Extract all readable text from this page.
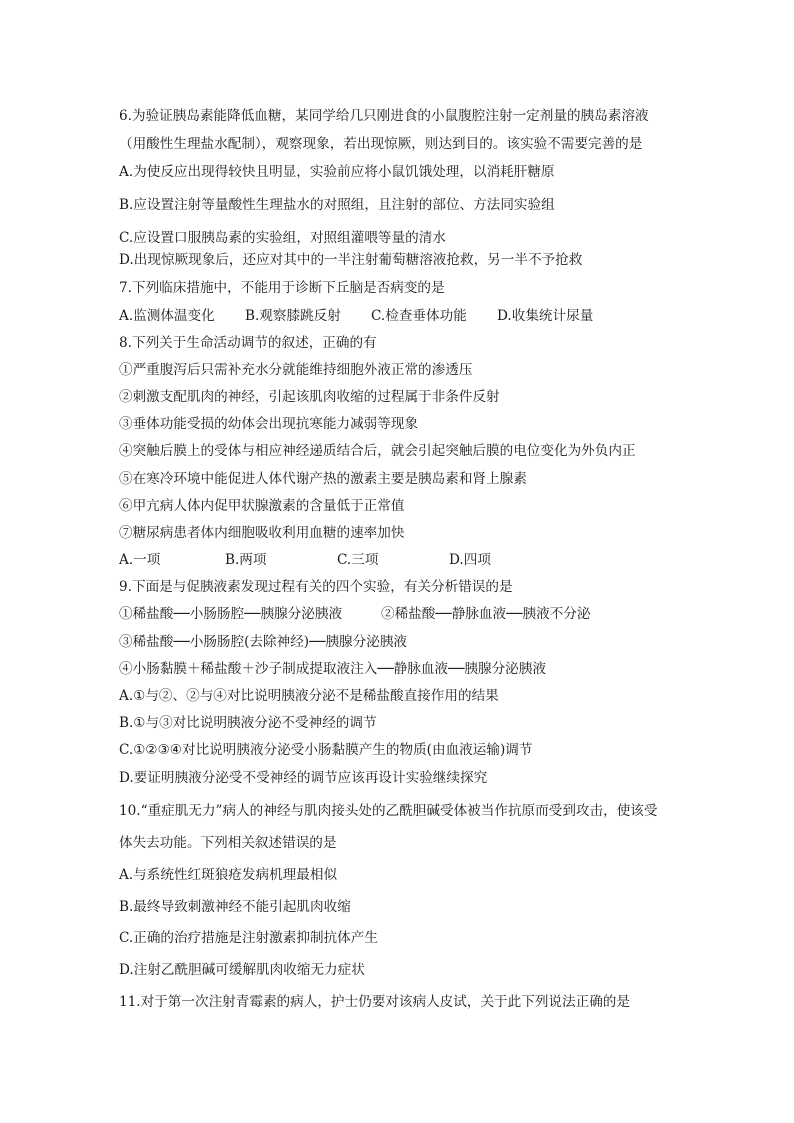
6.为验证胰岛素能降低血糖，某同学给几只刚进食的小鼠腹腔注射一定剂量的胰岛素溶液
（用酸性生理盐水配制），观察现象，若出现惊厥，则达到目的。该实验不需要完善的是
A.为使反应出现得较快且明显，实验前应将小鼠饥饿处理，以消耗肝糖原
B.应设置注射等量酸性生理盐水的对照组，且注射的部位、方法同实验组
C.应设置口服胰岛素的实验组，对照组灌喂等量的清水
D.出现惊厥现象后，还应对其中的一半注射葡萄糖溶液抢救，另一半不予抢救
7.下列临床措施中，不能用于诊断下丘脑是否病变的是
A.监测体温变化 B.观察膝跳反射 C.检查垂体功能 D.收集统计尿量
8.下列关于生命活动调节的叙述，正确的有
①严重腹泻后只需补充水分就能维持细胞外液正常的渗透压
②刺激支配肌肉的神经，引起该肌肉收缩的过程属于非条件反射
③垂体功能受损的幼体会出现抗寒能力减弱等现象
④突触后膜上的受体与相应神经递质结合后，就会引起突触后膜的电位变化为外负内正
⑤在寒冷环境中能促进人体代谢产热的激素主要是胰岛素和肾上腺素
⑥甲亢病人体内促甲状腺激素的含量低于正常值
⑦糖尿病患者体内细胞吸收利用血糖的速率加快
A.一项	B.两项	C.三项	D.四项
9.下面是与促胰液素发现过程有关的四个实验，有关分析错误的是
①稀盐酸──小肠肠腔──胰腺分泌胰液	②稀盐酸──静脉血液──胰液不分泌
③稀盐酸──小肠肠腔(去除神经)──胰腺分泌胰液
④小肠黏膜＋稀盐酸＋沙子制成提取液注入──静脉血液──胰腺分泌胰液
A.①与②、②与④对比说明胰液分泌不是稀盐酸直接作用的结果
B.①与③对比说明胰液分泌不受神经的调节
C.①②③④对比说明胰液分泌受小肠黏膜产生的物质(由血液运输)调节
D.要证明胰液分泌受不受神经的调节应该再设计实验继续探究
10.“重症肌无力”病人的神经与肌肉接头处的乙酰胆碱受体被当作抗原而受到攻击，使该受
体失去功能。下列相关叙述错误的是
A.与系统性红斑狼疮发病机理最相似
B.最终导致刺激神经不能引起肌肉收缩
C.正确的治疗措施是注射激素抑制抗体产生
D.注射乙酰胆碱可缓解肌肉收缩无力症状
11.对于第一次注射青霉素的病人，护士仍要对该病人皮试，关于此下列说法正确的是
